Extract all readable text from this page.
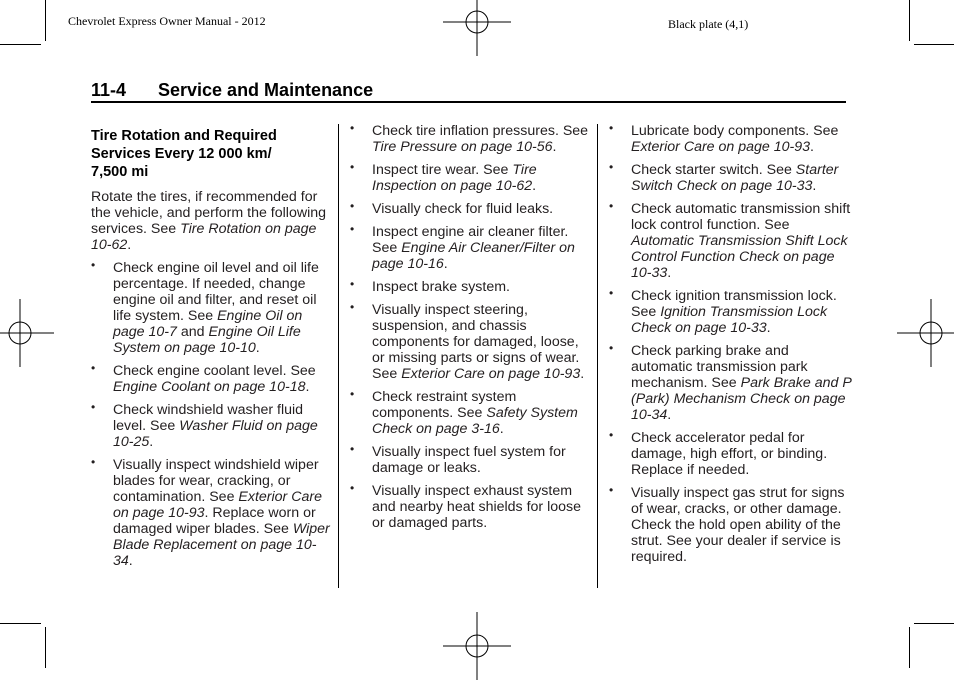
Chevrolet Express Owner Manual - 2012	Black plate (4,1)
11-4 Service and Maintenance
Tire Rotation and Required
Services Every 12 000 km/
7,500 mi

Rotate the tires, if recommended for the vehicle, and perform the following services. See Tire Rotation on page 10-62.

• Check engine oil level and oil life percentage. If needed, change engine oil and filter, and reset oil life system. See Engine Oil on page 10-7 and Engine Oil Life System on page 10-10.
• Check engine coolant level. See Engine Coolant on page 10-18.
• Check windshield washer fluid level. See Washer Fluid on page 10-25.
• Visually inspect windshield wiper blades for wear, cracking, or contamination. See Exterior Care on page 10-93. Replace worn or damaged wiper blades. See Wiper Blade Replacement on page 10-34.
• Check tire inflation pressures. See Tire Pressure on page 10-56.
• Inspect tire wear. See Tire Inspection on page 10-62.
• Visually check for fluid leaks.
• Inspect engine air cleaner filter. See Engine Air Cleaner/Filter on page 10-16.
• Inspect brake system.
• Visually inspect steering, suspension, and chassis components for damaged, loose, or missing parts or signs of wear. See Exterior Care on page 10-93.
• Check restraint system components. See Safety System Check on page 3-16.
• Visually inspect fuel system for damage or leaks.
• Visually inspect exhaust system and nearby heat shields for loose or damaged parts.
• Lubricate body components. See Exterior Care on page 10-93.
• Check starter switch. See Starter Switch Check on page 10-33.
• Check automatic transmission shift lock control function. See Automatic Transmission Shift Lock Control Function Check on page 10-33.
• Check ignition transmission lock. See Ignition Transmission Lock Check on page 10-33.
• Check parking brake and automatic transmission park mechanism. See Park Brake and P (Park) Mechanism Check on page 10-34.
• Check accelerator pedal for damage, high effort, or binding. Replace if needed.
• Visually inspect gas strut for signs of wear, cracks, or other damage. Check the hold open ability of the strut. See your dealer if service is required.
